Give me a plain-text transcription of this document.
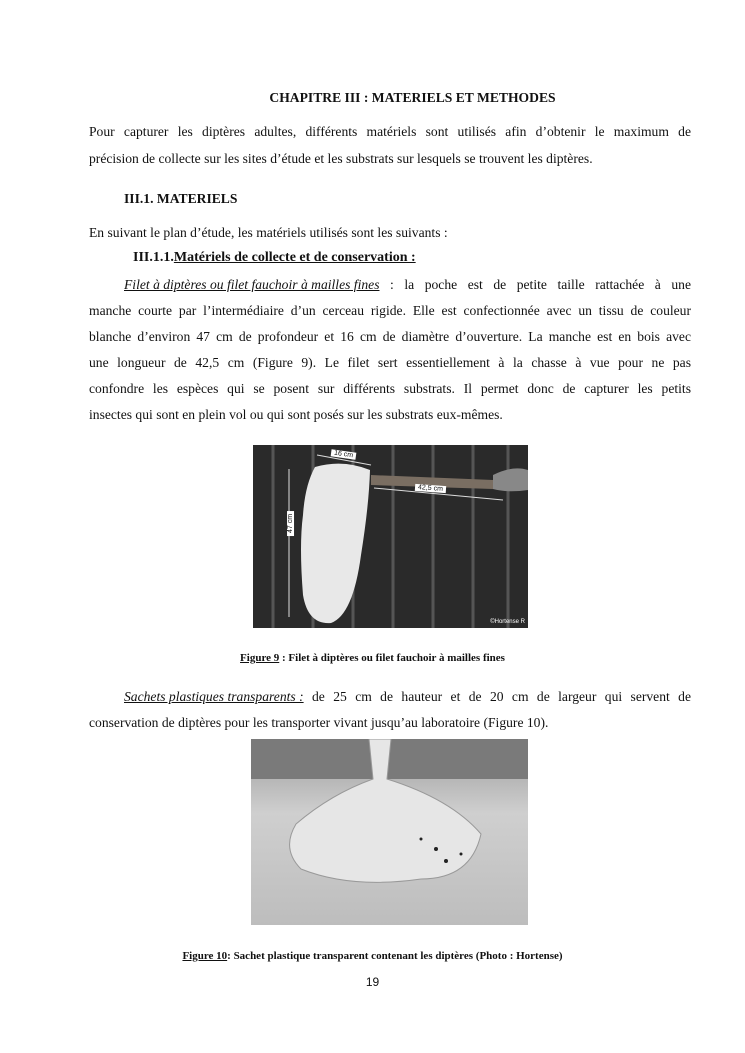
CHAPITRE III : MATERIELS ET METHODES
Pour capturer les diptères adultes, différents matériels sont utilisés afin d’obtenir le maximum de
précision de collecte sur les sites d’étude et les substrats sur lesquels se trouvent les diptères.
III.1. MATERIELS
En suivant le plan d’étude, les matériels utilisés sont les suivants :
III.1.1.Matériels de collecte et de conservation :
Filet à diptères ou filet fauchoir à mailles fines : la poche est de petite taille rattachée à une
manche courte par l’intermédiaire d’un cerceau rigide. Elle est confectionnée avec un tissu de couleur
blanche d’environ 47 cm de profondeur et 16 cm de diamètre d’ouverture. La manche est en bois avec
une longueur de 42,5 cm (Figure 9). Le filet sert essentiellement à la chasse à vue pour ne pas
confondre les espèces qui se posent sur différents substrats. Il permet donc de capturer les petits
insectes qui sont en plein vol ou qui sont posés sur les substrats eux-mêmes.
16 cm
42,5 cm
47 cm
©Hortense R
Figure 9 : Filet à diptères ou filet fauchoir à mailles fines
Sachets plastiques transparents : de 25 cm de hauteur et de 20 cm de largeur qui servent de
conservation de diptères pour les transporter vivant jusqu’au laboratoire (Figure 10).
Figure 10: Sachet plastique transparent contenant les diptères (Photo : Hortense)
19
